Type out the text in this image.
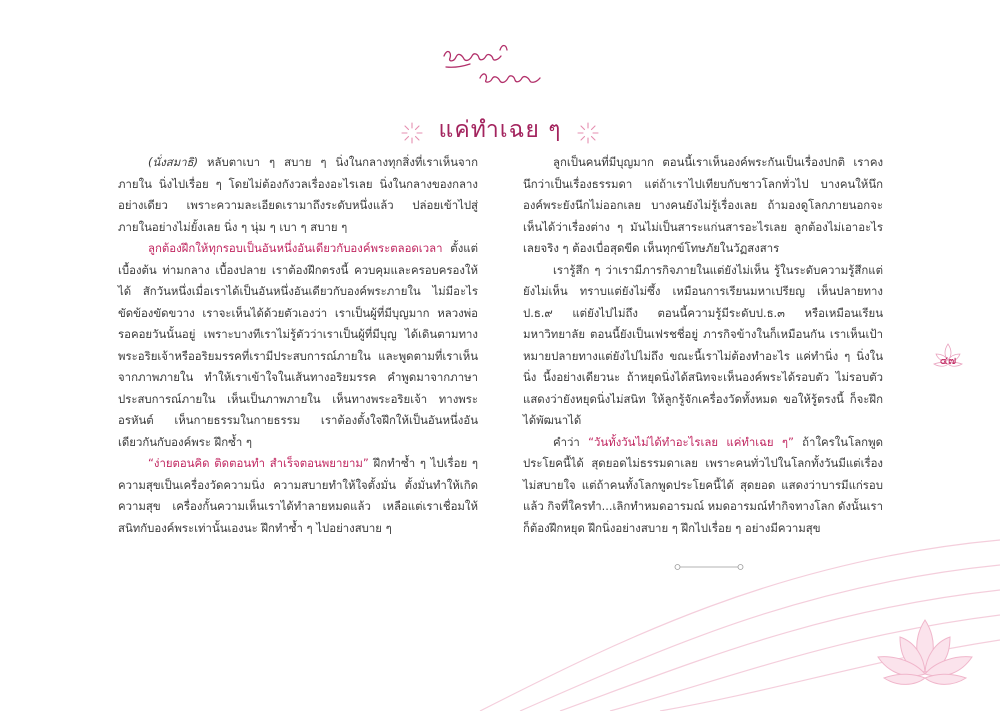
แค่ทำเฉย ๆ

(นั่งสมาธิ) หลับตาเบา ๆ สบาย ๆ นิ่งในกลางทุกสิ่งที่เราเห็นจากภายใน นิ่งไปเรื่อย ๆ โดยไม่ต้องกังวลเรื่องอะไรเลย นิ่งในกลางของกลางอย่างเดียว เพราะความละเอียดเรามาถึงระดับหนึ่งแล้ว ปล่อยเข้าไปสู่ภายในอย่างไม่ยั้งเลย นิ่ง ๆ นุ่ม ๆ เบา ๆ สบาย ๆ

ลูกต้องฝึกให้ทุกรอบเป็นอันหนึ่งอันเดียวกับองค์พระตลอดเวลา ตั้งแต่เบื้องต้น ท่ามกลาง เบื้องปลาย เราต้องฝึกตรงนี้ ควบคุมและครอบครองให้ได้ สักวันหนึ่งเมื่อเราได้เป็นอันหนึ่งอันเดียวกับองค์พระภายใน ไม่มีอะไรขัดข้องขัดขวาง เราจะเห็นได้ด้วยตัวเองว่า เราเป็นผู้ที่มีบุญมาก หลวงพ่อรอคอยวันนั้นอยู่ เพราะบางทีเราไม่รู้ตัวว่าเราเป็นผู้ที่มีบุญ ได้เดินตามทางพระอริยเจ้าหรืออริยมรรคที่เรามีประสบการณ์ภายใน และพูดตามที่เราเห็นจากภาพภายใน ทำให้เราเข้าใจในเส้นทางอริยมรรค คำพูดมาจากภาษาประสบการณ์ภายใน เห็นเป็นภาพภายใน เห็นทางพระอริยเจ้า ทางพระอรหันต์ เห็นกายธรรมในกายธรรม เราต้องตั้งใจฝึกให้เป็นอันหนึ่งอันเดียวกันกับองค์พระ ฝึกซ้ำ ๆ

“ง่ายตอนคิด ติดตอนทำ สำเร็จตอนพยายาม” ฝึกทำซ้ำ ๆ ไปเรื่อย ๆ ความสุขเป็นเครื่องวัดความนิ่ง ความสบายทำให้ใจตั้งมั่น ตั้งมั่นทำให้เกิดความสุข เครื่องกั้นความเห็นเราได้ทำลายหมดแล้ว เหลือแต่เราเชื่อมให้สนิทกับองค์พระเท่านั้นเองนะ ฝึกทำซ้ำ ๆ ไปอย่างสบาย ๆ

ลูกเป็นคนที่มีบุญมาก ตอนนี้เราเห็นองค์พระกันเป็นเรื่องปกติ เราคงนึกว่าเป็นเรื่องธรรมดา แต่ถ้าเราไปเทียบกับชาวโลกทั่วไป บางคนให้นึกองค์พระยังนึกไม่ออกเลย บางคนยังไม่รู้เรื่องเลย ถ้ามองดูโลกภายนอกจะเห็นได้ว่าเรื่องต่าง ๆ มันไม่เป็นสาระแก่นสารอะไรเลย ลูกต้องไม่เอาอะไรเลยจริง ๆ ต้องเบื่อสุดขีด เห็นทุกข์โทษภัยในวัฏสงสาร

เรารู้สึก ๆ ว่าเรามีภารกิจภายในแต่ยังไม่เห็น รู้ในระดับความรู้สึกแต่ยังไม่เห็น ทราบแต่ยังไม่ซึ้ง เหมือนการเรียนมหาเปรียญ เห็นปลายทางป.ธ.๙ แต่ยังไปไม่ถึง ตอนนี้ความรู้มีระดับป.ธ.๓ หรือเหมือนเรียนมหาวิทยาลัย ตอนนี้ยังเป็นเฟรชชี่อยู่ ภารกิจข้างในก็เหมือนกัน เราเห็นเป้าหมายปลายทางแต่ยังไปไม่ถึง ขณะนี้เราไม่ต้องทำอะไร แค่ทำนิ่ง ๆ นิ่งในนิ่ง นี้งอย่างเดียวนะ ถ้าหยุดนิ่งได้สนิทจะเห็นองค์พระได้รอบตัว ไม่รอบตัวแสดงว่ายังหยุดนิ่งไม่สนิท ให้ลูกรู้จักเครื่องวัดทั้งหมด ขอให้รู้ตรงนี้ ก็จะฝึกได้พัฒนาได้

คำว่า “วันทั้งวันไม่ได้ทำอะไรเลย แค่ทำเฉย ๆ” ถ้าใครในโลกพูดประโยคนี้ได้ สุดยอดไม่ธรรมดาเลย เพราะคนทั่วไปในโลกทั้งวันมีแต่เรื่องไม่สบายใจ แต่ถ้าคนทั้งโลกพูดประโยคนี้ได้ สุดยอด แสดงว่าบารมีแก่รอบแล้ว กิจที่ใครทำ...เลิกทำหมดอารมณ์ หมดอารมณ์ทำกิจทางโลก ดังนั้นเราก็ต้องฝึกหยุด ฝึกนิ่งอย่างสบาย ๆ ฝึกไปเรื่อย ๆ อย่างมีความสุข

๔๗
